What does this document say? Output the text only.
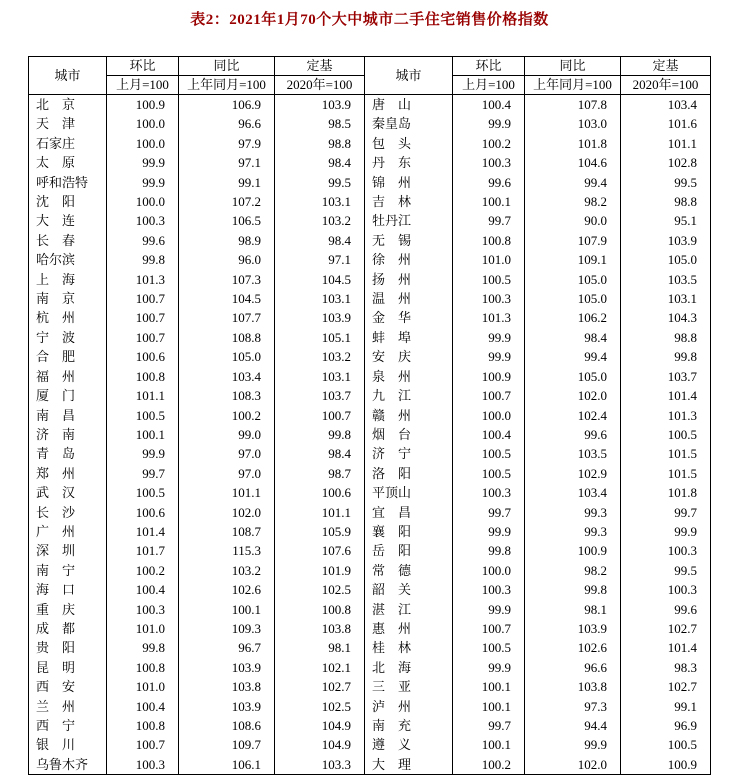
表2：2021年1月70个大中城市二手住宅销售价格指数
城市	环比	同比	定基	城市	环比	同比	定基
	上月=100	上年同月=100	2020年=100		上月=100	上年同月=100	2020年=100
北　京	100.9	106.9	103.9	唐　山	100.4	107.8	103.4
天　津	100.0	96.6	98.5	秦皇岛	99.9	103.0	101.6
石家庄	100.0	97.9	98.8	包　头	100.2	101.8	101.1
太　原	99.9	97.1	98.4	丹　东	100.3	104.6	102.8
呼和浩特	99.9	99.1	99.5	锦　州	99.6	99.4	99.5
沈　阳	100.0	107.2	103.1	吉　林	100.1	98.2	98.8
大　连	100.3	106.5	103.2	牡丹江	99.7	90.0	95.1
长　春	99.6	98.9	98.4	无　锡	100.8	107.9	103.9
哈尔滨	99.8	96.0	97.1	徐　州	101.0	109.1	105.0
上　海	101.3	107.3	104.5	扬　州	100.5	105.0	103.5
南　京	100.7	104.5	103.1	温　州	100.3	105.0	103.1
杭　州	100.7	107.7	103.9	金　华	101.3	106.2	104.3
宁　波	100.7	108.8	105.1	蚌　埠	99.9	98.4	98.8
合　肥	100.6	105.0	103.2	安　庆	99.9	99.4	99.8
福　州	100.8	103.4	103.1	泉　州	100.9	105.0	103.7
厦　门	101.1	108.3	103.7	九　江	100.7	102.0	101.4
南　昌	100.5	100.2	100.7	赣　州	100.0	102.4	101.3
济　南	100.1	99.0	99.8	烟　台	100.4	99.6	100.5
青　岛	99.9	97.0	98.4	济　宁	100.5	103.5	101.5
郑　州	99.7	97.0	98.7	洛　阳	100.5	102.9	101.5
武　汉	100.5	101.1	100.6	平顶山	100.3	103.4	101.8
长　沙	100.6	102.0	101.1	宜　昌	99.7	99.3	99.7
广　州	101.4	108.7	105.9	襄　阳	99.9	99.3	99.9
深　圳	101.7	115.3	107.6	岳　阳	99.8	100.9	100.3
南　宁	100.2	103.2	101.9	常　德	100.0	98.2	99.5
海　口	100.4	102.6	102.5	韶　关	100.3	99.8	100.3
重　庆	100.3	100.1	100.8	湛　江	99.9	98.1	99.6
成　都	101.0	109.3	103.8	惠　州	100.7	103.9	102.7
贵　阳	99.8	96.7	98.1	桂　林	100.5	102.6	101.4
昆　明	100.8	103.9	102.1	北　海	99.9	96.6	98.3
西　安	101.0	103.8	102.7	三　亚	100.1	103.8	102.7
兰　州	100.4	103.9	102.5	泸　州	100.1	97.3	99.1
西　宁	100.8	108.6	104.9	南　充	99.7	94.4	96.9
银　川	100.7	109.7	104.9	遵　义	100.1	99.9	100.5
乌鲁木齐	100.3	106.1	103.3	大　理	100.2	102.0	100.9
